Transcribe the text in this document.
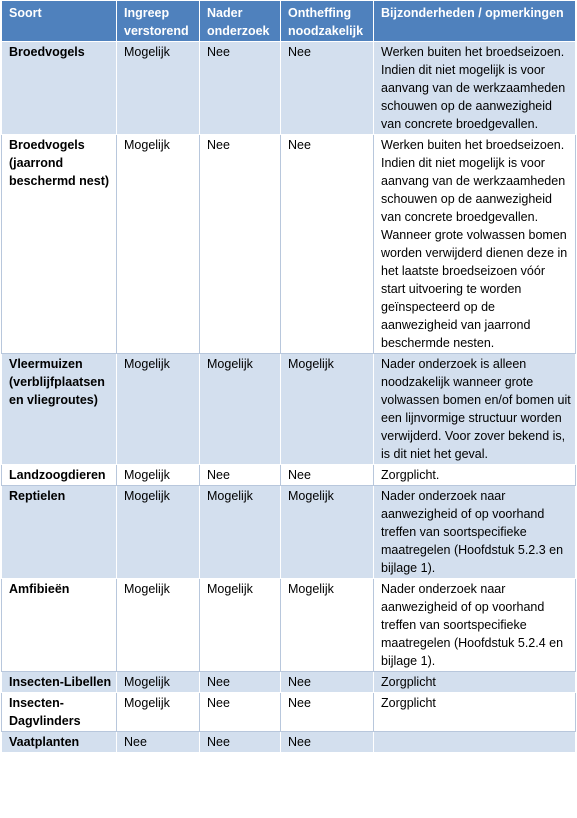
Soort	Ingreep verstorend	Nader onderzoek	Ontheffing noodzakelijk	Bijzonderheden / opmerkingen
Broedvogels	Mogelijk	Nee	Nee	Werken buiten het broedseizoen. Indien dit niet mogelijk is voor aanvang van de werkzaamheden schouwen op de aanwezigheid van concrete broedgevallen.
Broedvogels (jaarrond beschermd nest)	Mogelijk	Nee	Nee	Werken buiten het broedseizoen. Indien dit niet mogelijk is voor aanvang van de werkzaamheden schouwen op de aanwezigheid van concrete broedgevallen. Wanneer grote volwassen bomen worden verwijderd dienen deze in het laatste broedseizoen vóór start uitvoering te worden geïnspecteerd op de aanwezigheid van jaarrond beschermde nesten.
Vleermuizen (verblijfplaatsen en vliegroutes)	Mogelijk	Mogelijk	Mogelijk	Nader onderzoek is alleen noodzakelijk wanneer grote volwassen bomen en/of bomen uit een lijnvormige structuur worden verwijderd. Voor zover bekend is, is dit niet het geval.
Landzoogdieren	Mogelijk	Nee	Nee	Zorgplicht.
Reptielen	Mogelijk	Mogelijk	Mogelijk	Nader onderzoek naar aanwezigheid of op voorhand treffen van soortspecifieke maatregelen (Hoofdstuk 5.2.3 en bijlage 1).
Amfibieën	Mogelijk	Mogelijk	Mogelijk	Nader onderzoek naar aanwezigheid of op voorhand treffen van soortspecifieke maatregelen (Hoofdstuk 5.2.4 en bijlage 1).
Insecten-Libellen	Mogelijk	Nee	Nee	Zorgplicht
Insecten-Dagvlinders	Mogelijk	Nee	Nee	Zorgplicht
Vaatplanten	Nee	Nee	Nee	
